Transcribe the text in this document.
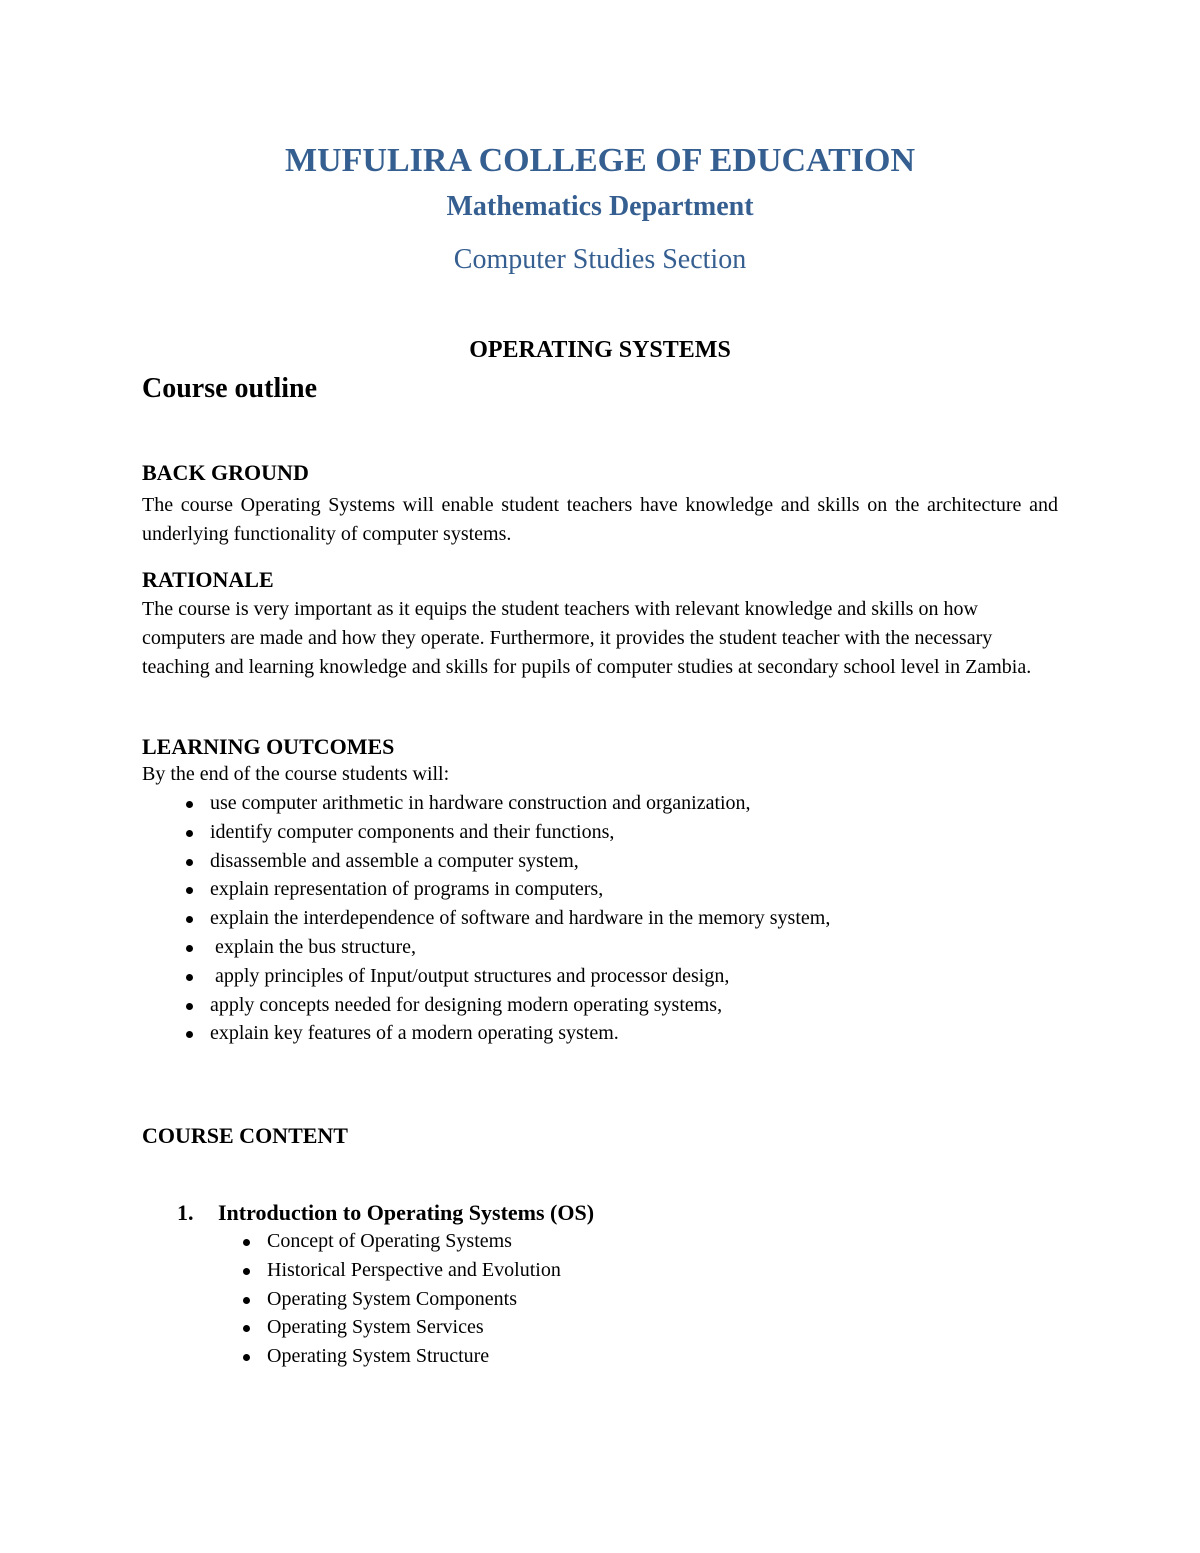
MUFULIRA COLLEGE OF EDUCATION
Mathematics Department

Computer Studies Section

OPERATING SYSTEMS
Course outline
BACK GROUND

The course Operating Systems will enable student teachers have knowledge and skills on the architecture and underlying functionality of computer systems.

RATIONALE

The course is very important as it equips the student teachers with relevant knowledge and skills on how computers are made and how they operate. Furthermore, it provides the student teacher with the necessary teaching and learning knowledge and skills for pupils of computer studies at secondary school level in Zambia.

LEARNING OUTCOMES

By the end of the course students will:

use computer arithmetic in hardware construction and organization,
identify computer components and their functions,
disassemble and assemble a computer system,
explain representation of programs in computers,
explain the interdependence of software and hardware in the memory system,
explain the bus structure,
apply principles of Input/output structures and processor design,
apply concepts needed for designing modern operating systems,
explain key features of a modern operating system.
COURSE CONTENT

1. Introduction to Operating Systems (OS)

Concept of Operating Systems
Historical Perspective and Evolution
Operating System Components
Operating System Services
Operating System Structure
